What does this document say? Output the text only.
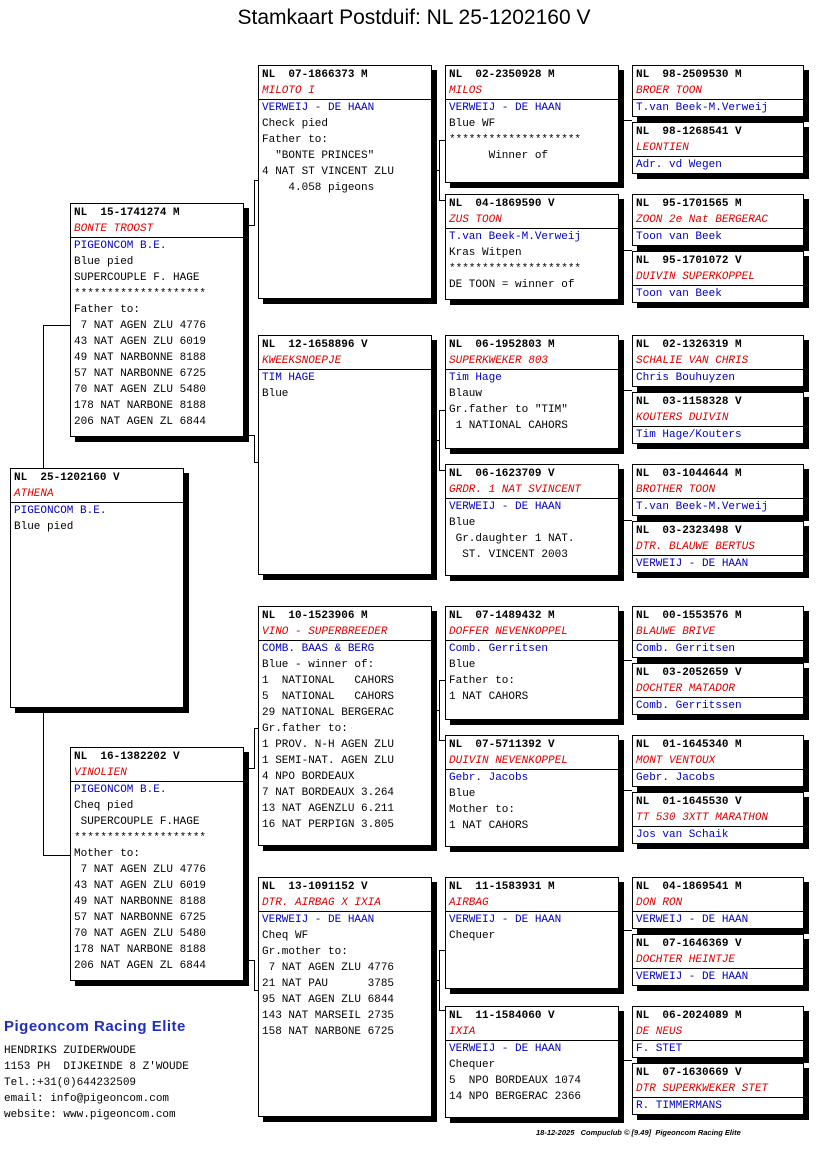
Stamkaart Postduif: NL 25-1202160 V
NL  25-1202160 V
ATHENA
PIGEONCOM B.E.
Blue pied
NL  15-1741274 M
BONTE TROOST
PIGEONCOM B.E.
Blue pied
SUPERCOUPLE F. HAGE
********************
Father to:
7 NAT AGEN ZLU 4776
43 NAT AGEN ZLU 6019
49 NAT NARBONNE 8188
57 NAT NARBONNE 6725
70 NAT AGEN ZLU 5480
178 NAT NARBONE 8188
206 NAT AGEN ZL 6844
NL  16-1382202 V
VINOLIEN
PIGEONCOM B.E.
Cheq pied
SUPERCOUPLE F.HAGE
********************
Mother to:
7 NAT AGEN ZLU 4776
43 NAT AGEN ZLU 6019
49 NAT NARBONNE 8188
57 NAT NARBONNE 6725
70 NAT AGEN ZLU 5480
178 NAT NARBONE 8188
206 NAT AGEN ZL 6844
NL  07-1866373 M
MILOTO I
VERWEIJ - DE HAAN
Check pied
Father to:
"BONTE PRINCES"
4 NAT ST VINCENT ZLU
4.058 pigeons
NL  12-1658896 V
KWEEKSNOEPJE
TIM HAGE
Blue
NL  10-1523906 M
VINO - SUPERBREEDER
COMB. BAAS & BERG
Blue - winner of:
1  NATIONAL   CAHORS
5  NATIONAL   CAHORS
29 NATIONAL BERGERAC
Gr.father to:
1 PROV. N-H AGEN ZLU
1 SEMI-NAT. AGEN ZLU
4 NPO BORDEAUX
7 NAT BORDEAUX 3.264
13 NAT AGENZLU 6.211
16 NAT PERPIGN 3.805
NL  13-1091152 V
DTR. AIRBAG X IXIA
VERWEIJ - DE HAAN
Cheq WF
Gr.mother to:
7 NAT AGEN ZLU 4776
21 NAT PAU      3785
95 NAT AGEN ZLU 6844
143 NAT MARSEIL 2735
158 NAT NARBONE 6725
NL  02-2350928 M
MILOS
VERWEIJ - DE HAAN
Blue WF
********************
Winner of
NL  04-1869590 V
ZUS TOON
T.van Beek-M.Verweij
Kras Witpen
********************
DE TOON = winner of
NL  06-1952803 M
SUPERKWEKER 803
Tim Hage
Blauw
Gr.father to "TIM"
1 NATIONAL CAHORS
NL  06-1623709 V
GRDR. 1 NAT SVINCENT
VERWEIJ - DE HAAN
Blue
Gr.daughter 1 NAT.
ST. VINCENT 2003
NL  07-1489432 M
DOFFER NEVENKOPPEL
Comb. Gerritsen
Blue
Father to:
1 NAT CAHORS
NL  07-5711392 V
DUIVIN NEVENKOPPEL
Gebr. Jacobs
Blue
Mother to:
1 NAT CAHORS
NL  11-1583931 M
AIRBAG
VERWEIJ - DE HAAN
Chequer
NL  11-1584060 V
IXIA
VERWEIJ - DE HAAN
Chequer
5  NPO BORDEAUX 1074
14 NPO BERGERAC 2366
NL  98-2509530 M
BROER TOON
T.van Beek-M.Verweij
NL  98-1268541 V
LEONTIEN
Adr. vd Wegen
NL  95-1701565 M
ZOON 2e Nat BERGERAC
Toon van Beek
NL  95-1701072 V
DUIVIN SUPERKOPPEL
Toon van Beek
NL  02-1326319 M
SCHALIE VAN CHRIS
Chris Bouhuyzen
NL  03-1158328 V
KOUTERS DUIVIN
Tim Hage/Kouters
NL  03-1044644 M
BROTHER TOON
T.van Beek-M.Verweij
NL  03-2323498 V
DTR. BLAUWE BERTUS
VERWEIJ - DE HAAN
NL  00-1553576 M
BLAUWE BRIVE
Comb. Gerritsen
NL  03-2052659 V
DOCHTER MATADOR
Comb. Gerritssen
NL  01-1645340 M
MONT VENTOUX
Gebr. Jacobs
NL  01-1645530 V
TT 530 3XTT MARATHON
Jos van Schaik
NL  04-1869541 M
DON RON
VERWEIJ - DE HAAN
NL  07-1646369 V
DOCHTER HEINTJE
VERWEIJ - DE HAAN
NL  06-2024089 M
DE NEUS
F. STET
NL  07-1630669 V
DTR SUPERKWEKER STET
R. TIMMERMANS
Pigeoncom Racing Elite
HENDRIKS ZUIDERWOUDE
1153 PH  DIJKEINDE 8 Z'WOUDE
Tel.:+31(0)644232509
email: info@pigeoncom.com
website: www.pigeoncom.com
18-12-2025   Compuclub © [9.49]  Pigeoncom Racing Elite
